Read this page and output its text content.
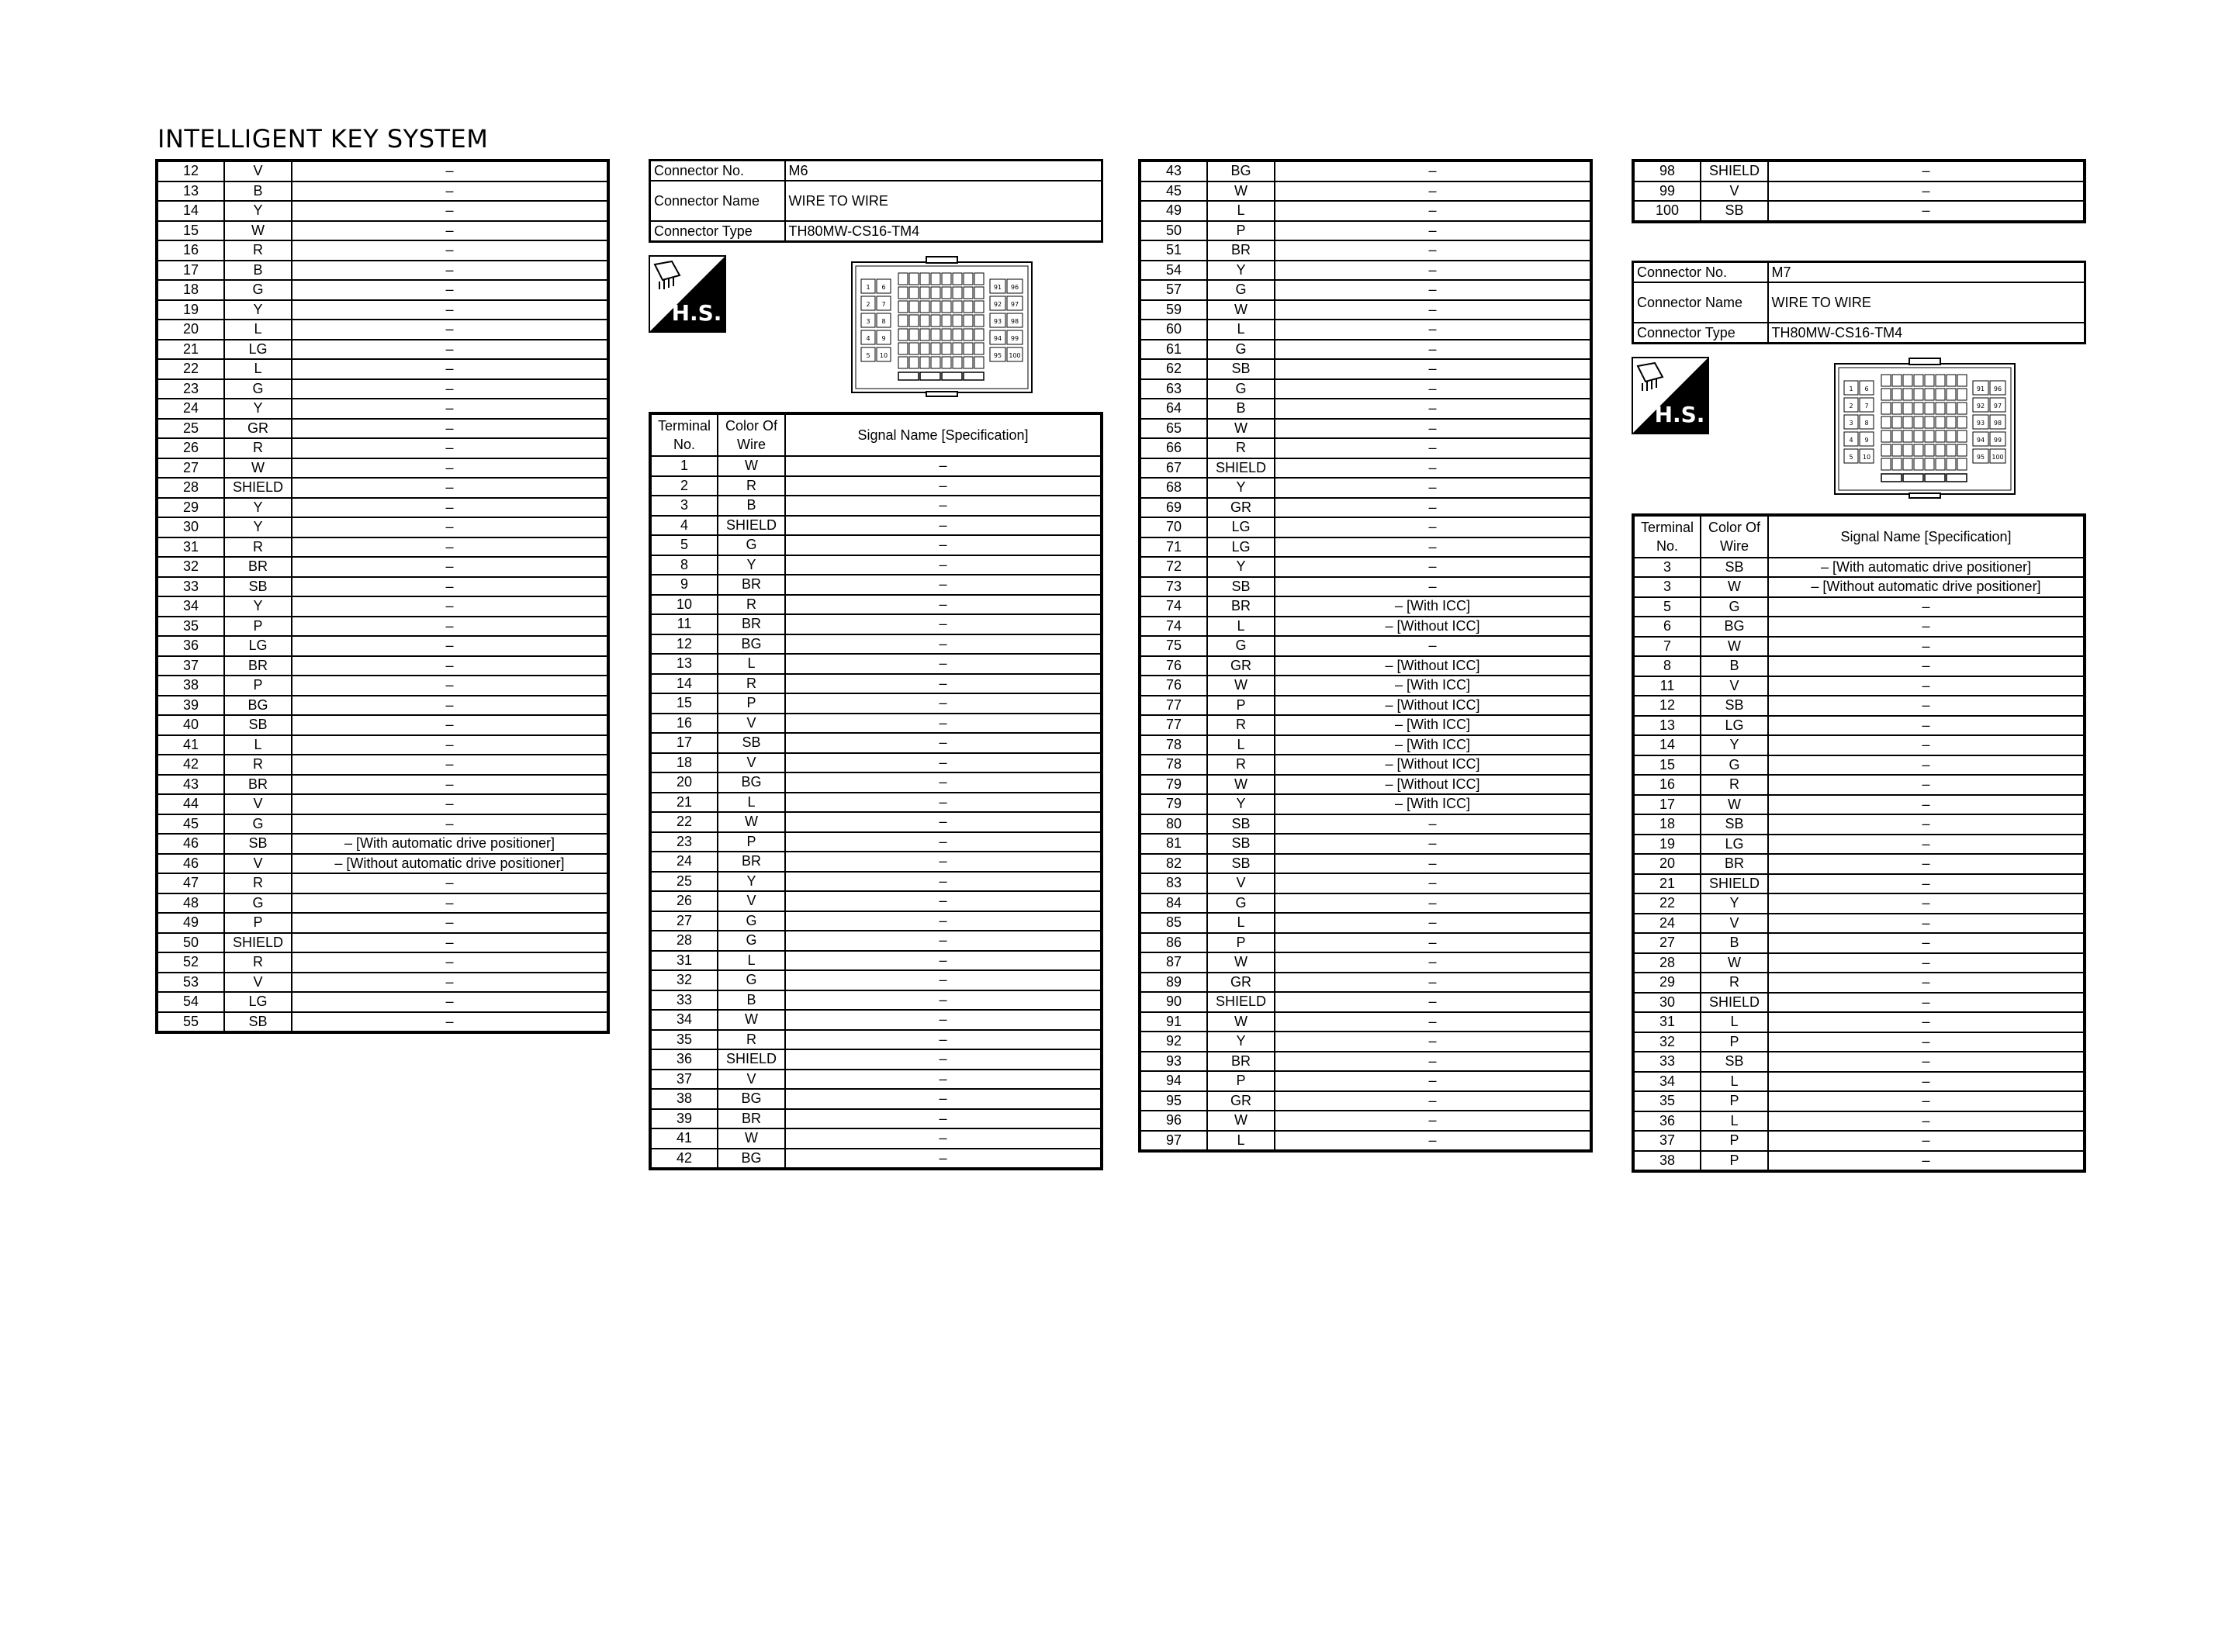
INTELLIGENT KEY SYSTEM
12	V	–
13	B	–
14	Y	–
15	W	–
16	R	–
17	B	–
18	G	–
19	Y	–
20	L	–
21	LG	–
22	L	–
23	G	–
24	Y	–
25	GR	–
26	R	–
27	W	–
28	SHIELD	–
29	Y	–
30	Y	–
31	R	–
32	BR	–
33	SB	–
34	Y	–
35	P	–
36	LG	–
37	BR	–
38	P	–
39	BG	–
40	SB	–
41	L	–
42	R	–
43	BR	–
44	V	–
45	G	–
46	SB	– [With automatic drive positioner]
46	V	– [Without automatic drive positioner]
47	R	–
48	G	–
49	P	–
50	SHIELD	–
52	R	–
53	V	–
54	LG	–
55	SB	–
Connector No.	M6
Connector Name	WIRE TO WIRE
Connector Type	TH80MW-CS16-TM4
H.S.
1 6
2 7
3 8
4 9
5 10
91 96
92 97
93 98
94 99
95 100
Terminal No.	Color Of Wire	Signal Name [Specification]
1	W	–
2	R	–
3	B	–
4	SHIELD	–
5	G	–
8	Y	–
9	BR	–
10	R	–
11	BR	–
12	BG	–
13	L	–
14	R	–
15	P	–
16	V	–
17	SB	–
18	V	–
20	BG	–
21	L	–
22	W	–
23	P	–
24	BR	–
25	Y	–
26	V	–
27	G	–
28	G	–
31	L	–
32	G	–
33	B	–
34	W	–
35	R	–
36	SHIELD	–
37	V	–
38	BG	–
39	BR	–
41	W	–
42	BG	–
43	BG	–
45	W	–
49	L	–
50	P	–
51	BR	–
54	Y	–
57	G	–
59	W	–
60	L	–
61	G	–
62	SB	–
63	G	–
64	B	–
65	W	–
66	R	–
67	SHIELD	–
68	Y	–
69	GR	–
70	LG	–
71	LG	–
72	Y	–
73	SB	–
74	BR	– [With ICC]
74	L	– [Without ICC]
75	G	–
76	GR	– [Without ICC]
76	W	– [With ICC]
77	P	– [Without ICC]
77	R	– [With ICC]
78	L	– [With ICC]
78	R	– [Without ICC]
79	W	– [Without ICC]
79	Y	– [With ICC]
80	SB	–
81	SB	–
82	SB	–
83	V	–
84	G	–
85	L	–
86	P	–
87	W	–
89	GR	–
90	SHIELD	–
91	W	–
92	Y	–
93	BR	–
94	P	–
95	GR	–
96	W	–
97	L	–
98	SHIELD	–
99	V	–
100	SB	–
Connector No.	M7
Connector Name	WIRE TO WIRE
Connector Type	TH80MW-CS16-TM4
H.S.
1 6
2 7
3 8
4 9
5 10
91 96
92 97
93 98
94 99
95 100
Terminal No.	Color Of Wire	Signal Name [Specification]
3	SB	– [With automatic drive positioner]
3	W	– [Without automatic drive positioner]
5	G	–
6	BG	–
7	W	–
8	B	–
11	V	–
12	SB	–
13	LG	–
14	Y	–
15	G	–
16	R	–
17	W	–
18	SB	–
19	LG	–
20	BR	–
21	SHIELD	–
22	Y	–
24	V	–
27	B	–
28	W	–
29	R	–
30	SHIELD	–
31	L	–
32	P	–
33	SB	–
34	L	–
35	P	–
36	L	–
37	P	–
38	P	–
